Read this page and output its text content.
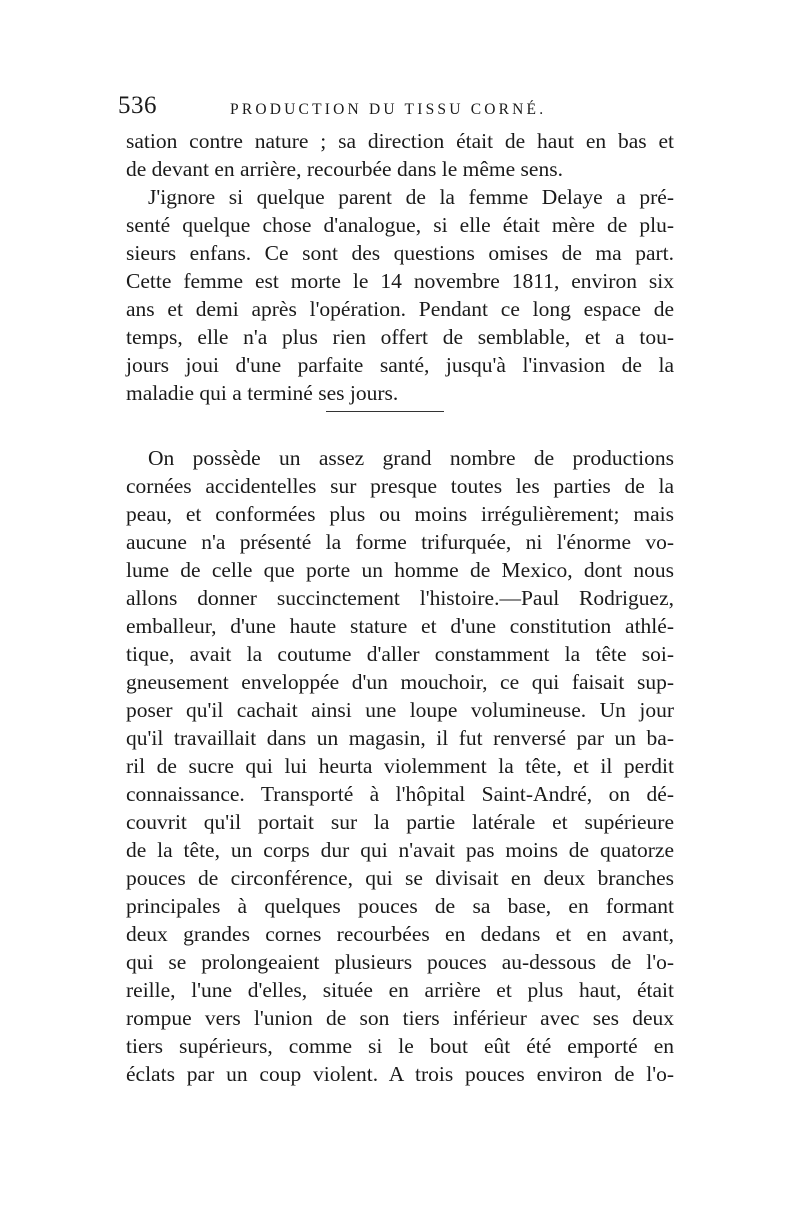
536	PRODUCTION DU TISSU CORNÉ.
sation contre nature ; sa direction était de haut en bas et
de devant en arrière, recourbée dans le même sens.
J'ignore si quelque parent de la femme Delaye a pré-
senté quelque chose d'analogue, si elle était mère de plu-
sieurs enfans. Ce sont des questions omises de ma part.
Cette femme est morte le 14 novembre 1811, environ six
ans et demi après l'opération. Pendant ce long espace de
temps, elle n'a plus rien offert de semblable, et a tou-
jours joui d'une parfaite santé, jusqu'à l'invasion de la
maladie qui a terminé ses jours.
On possède un assez grand nombre de productions
cornées accidentelles sur presque toutes les parties de la
peau, et conformées plus ou moins irrégulièrement; mais
aucune n'a présenté la forme trifurquée, ni l'énorme vo-
lume de celle que porte un homme de Mexico, dont nous
allons donner succinctement l'histoire.—Paul Rodriguez,
emballeur, d'une haute stature et d'une constitution athlé-
tique, avait la coutume d'aller constamment la tête soi-
gneusement enveloppée d'un mouchoir, ce qui faisait sup-
poser qu'il cachait ainsi une loupe volumineuse. Un jour
qu'il travaillait dans un magasin, il fut renversé par un ba-
ril de sucre qui lui heurta violemment la tête, et il perdit
connaissance. Transporté à l'hôpital Saint-André, on dé-
couvrit qu'il portait sur la partie latérale et supérieure
de la tête, un corps dur qui n'avait pas moins de quatorze
pouces de circonférence, qui se divisait en deux branches
principales à quelques pouces de sa base, en formant
deux grandes cornes recourbées en dedans et en avant,
qui se prolongeaient plusieurs pouces au-dessous de l'o-
reille, l'une d'elles, située en arrière et plus haut, était
rompue vers l'union de son tiers inférieur avec ses deux
tiers supérieurs, comme si le bout eût été emporté en
éclats par un coup violent. A trois pouces environ de l'o-
